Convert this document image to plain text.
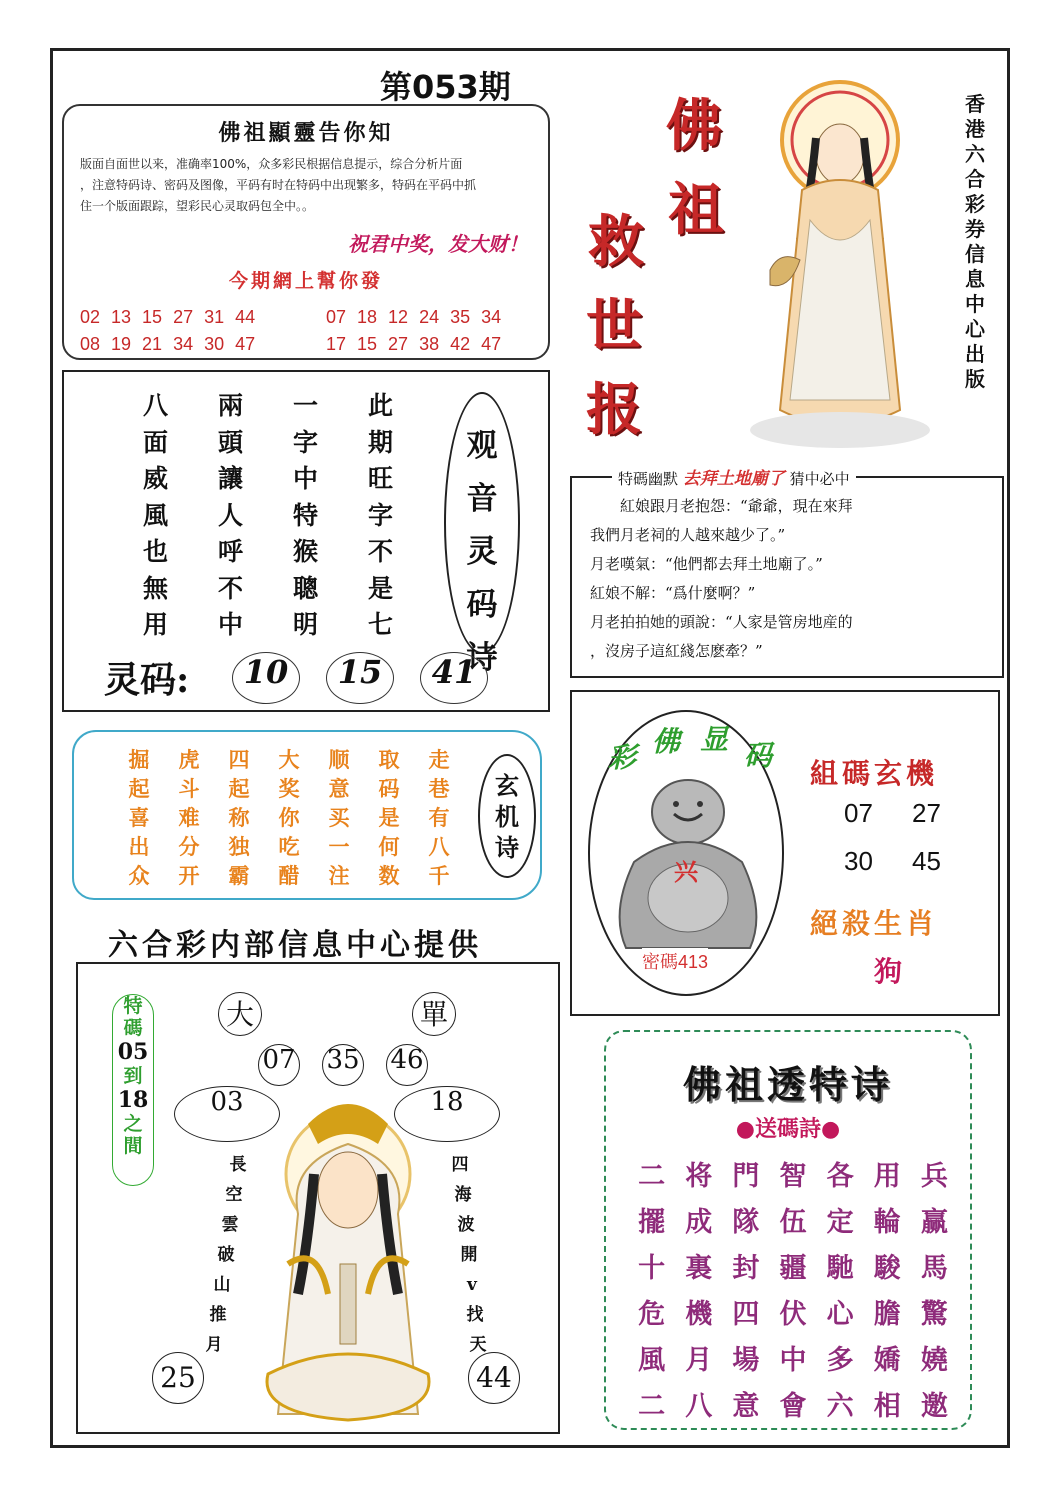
第053期
佛祖顯靈告你知
版面自面世以来，准确率100%，众多彩民根据信息提示，综合分析片面
，注意特码诗、密码及图像，平码有时在特码中出现繁多，特码在平码中抓
住一个版面跟踪，望彩民心灵取码包全中。。
祝君中奖，发大财！
今期網上幫你發
02 13 15 27 31 44
08 19 21 34 30 47
07 18 12 24 35 34
17 15 27 38 42 47
八	兩	一	此
面	頭	字	期
威	讓	中	旺
風	人	特	字
也	呼	猴	不
無	不	聰	是
用	中	明	七
观
音
灵
码
诗
灵码:	10	15	41
掘	虎	四	大	顺	取	走
起	斗	起	奖	意	码	巷
喜	难	称	你	买	是	有
出	分	独	吃	一	何	八
众	开	霸	醋	注	数	千
玄
机
诗
六合彩内部信息中心提供
大	單
07 35 46
03	18
特
碼
05
到
18
之
間
長
空
雲
破
山
推
月
四
海
波
開
v
找
天
25	44
佛
祖
救
世
报
香
港
六
合
彩
券
信
息
中
心
出
版
特碼幽默 去拜土地廟了 猜中必中
　　紅娘跟月老抱怨：“爺爺，現在來拜
我們月老祠的人越來越少了。”
月老嘆氣：“他們都去拜土地廟了。”
紅娘不解：“爲什麼啊？”
月老拍拍她的頭說：“人家是管房地産的
，沒房子這紅綫怎麽牽？”
彩 佛 显 码
兴
密碼413
組碼玄機
07 27
30 45
絕殺生肖
狗
佛祖透特诗
●送碼詩●
二 将 門 智 各 用 兵
擺 成 隊 伍 定 輪 赢
十 裏 封 疆 馳 駿 馬
危 機 四 伏 心 膽 驚
風 月 場 中 多 嬌 嬈
二 八 意 會 六 相 邀
